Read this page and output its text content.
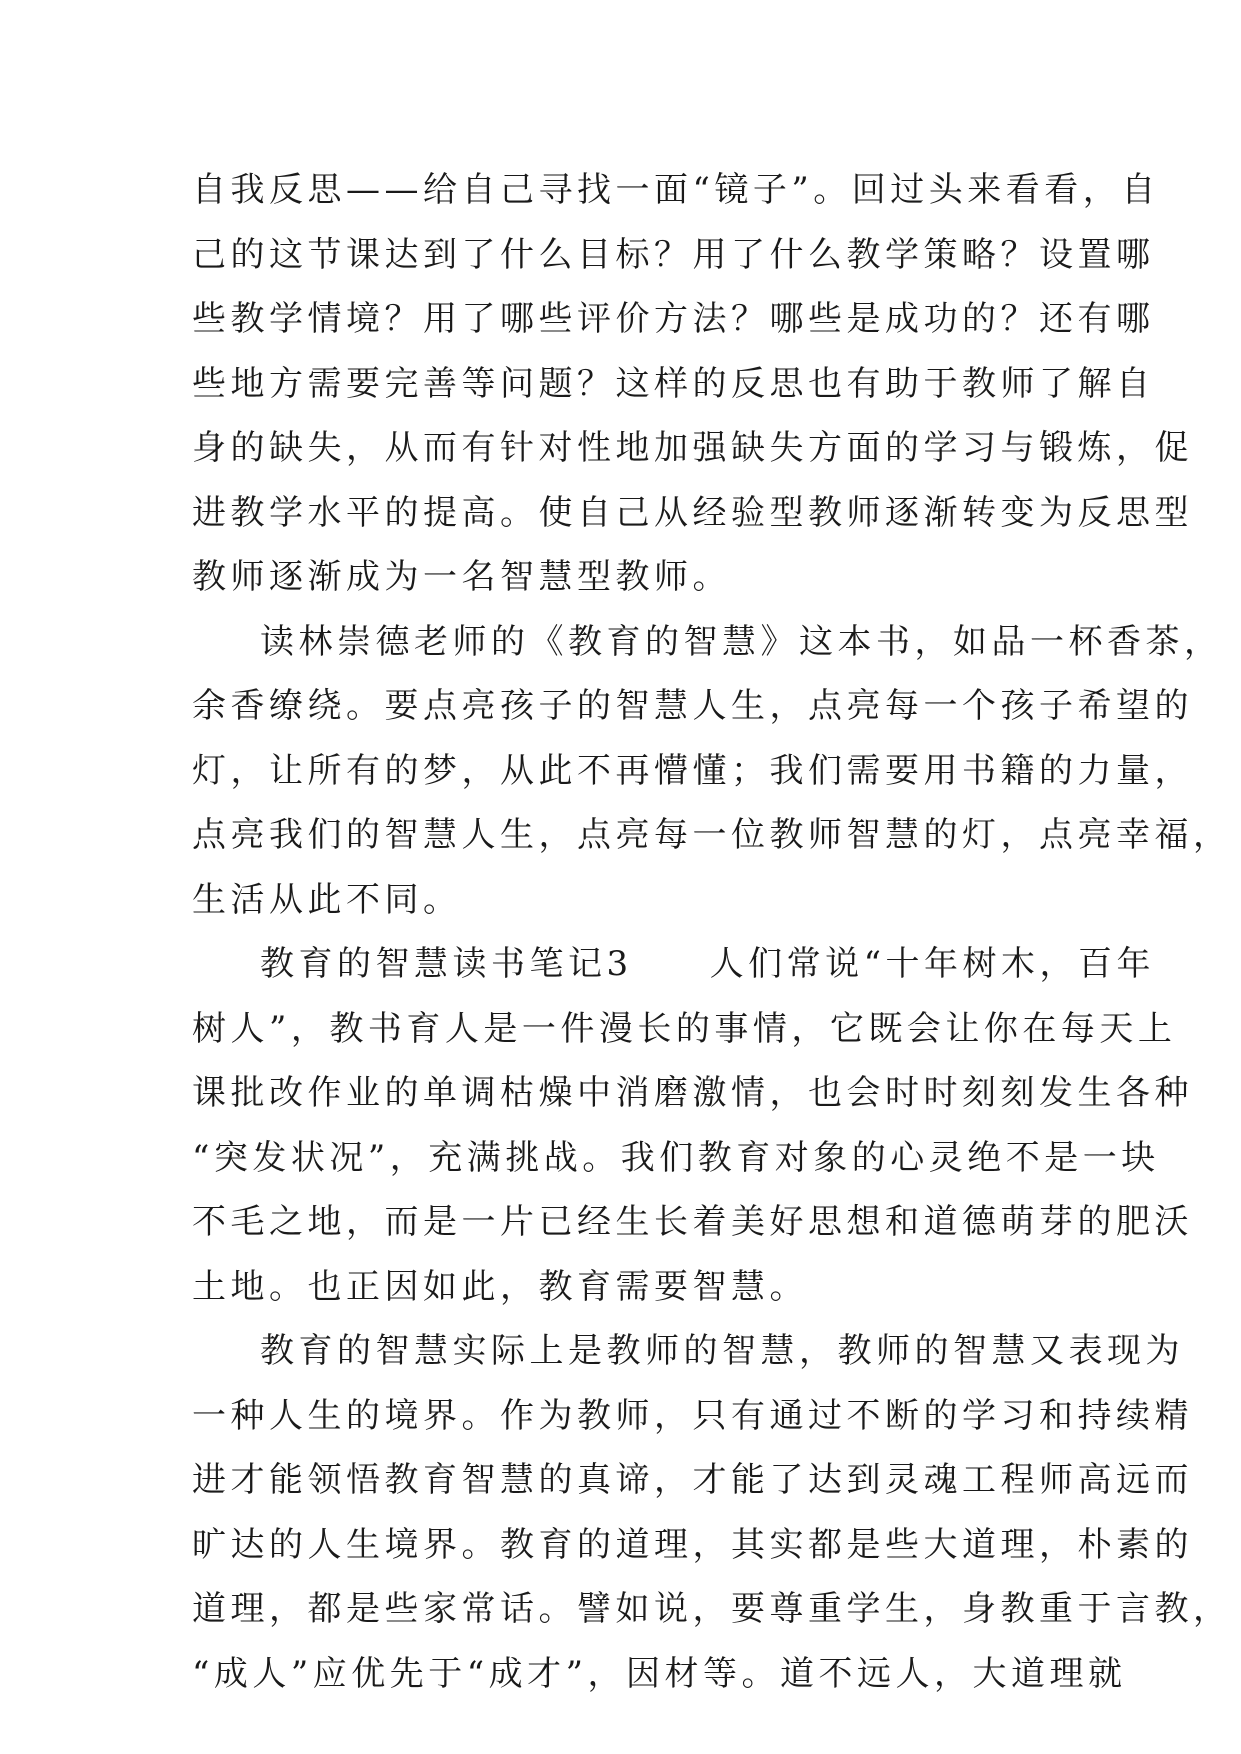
自我反思——给自己寻找一面“镜子”。回过头来看看，自
己的这节课达到了什么目标？用了什么教学策略？设置哪
些教学情境？用了哪些评价方法？哪些是成功的？还有哪
些地方需要完善等问题？这样的反思也有助于教师了解自
身的缺失，从而有针对性地加强缺失方面的学习与锻炼，促
进教学水平的提高。使自己从经验型教师逐渐转变为反思型
教师逐渐成为一名智慧型教师。
读林崇德老师的《教育的智慧》这本书，如品一杯香茶，
余香缭绕。要点亮孩子的智慧人生，点亮每一个孩子希望的
灯，让所有的梦，从此不再懵懂；我们需要用书籍的力量，
点亮我们的智慧人生，点亮每一位教师智慧的灯，点亮幸福，
生活从此不同。
教育的智慧读书笔记3　　人们常说“十年树木，百年
树人”，教书育人是一件漫长的事情，它既会让你在每天上
课批改作业的单调枯燥中消磨激情，也会时时刻刻发生各种
“突发状况”，充满挑战。我们教育对象的心灵绝不是一块
不毛之地，而是一片已经生长着美好思想和道德萌芽的肥沃
土地。也正因如此，教育需要智慧。
教育的智慧实际上是教师的智慧，教师的智慧又表现为
一种人生的境界。作为教师，只有通过不断的学习和持续精
进才能领悟教育智慧的真谛，才能了达到灵魂工程师高远而
旷达的人生境界。教育的道理，其实都是些大道理，朴素的
道理，都是些家常话。譬如说，要尊重学生，身教重于言教，
“成人”应优先于“成才”，因材等。道不远人，大道理就
